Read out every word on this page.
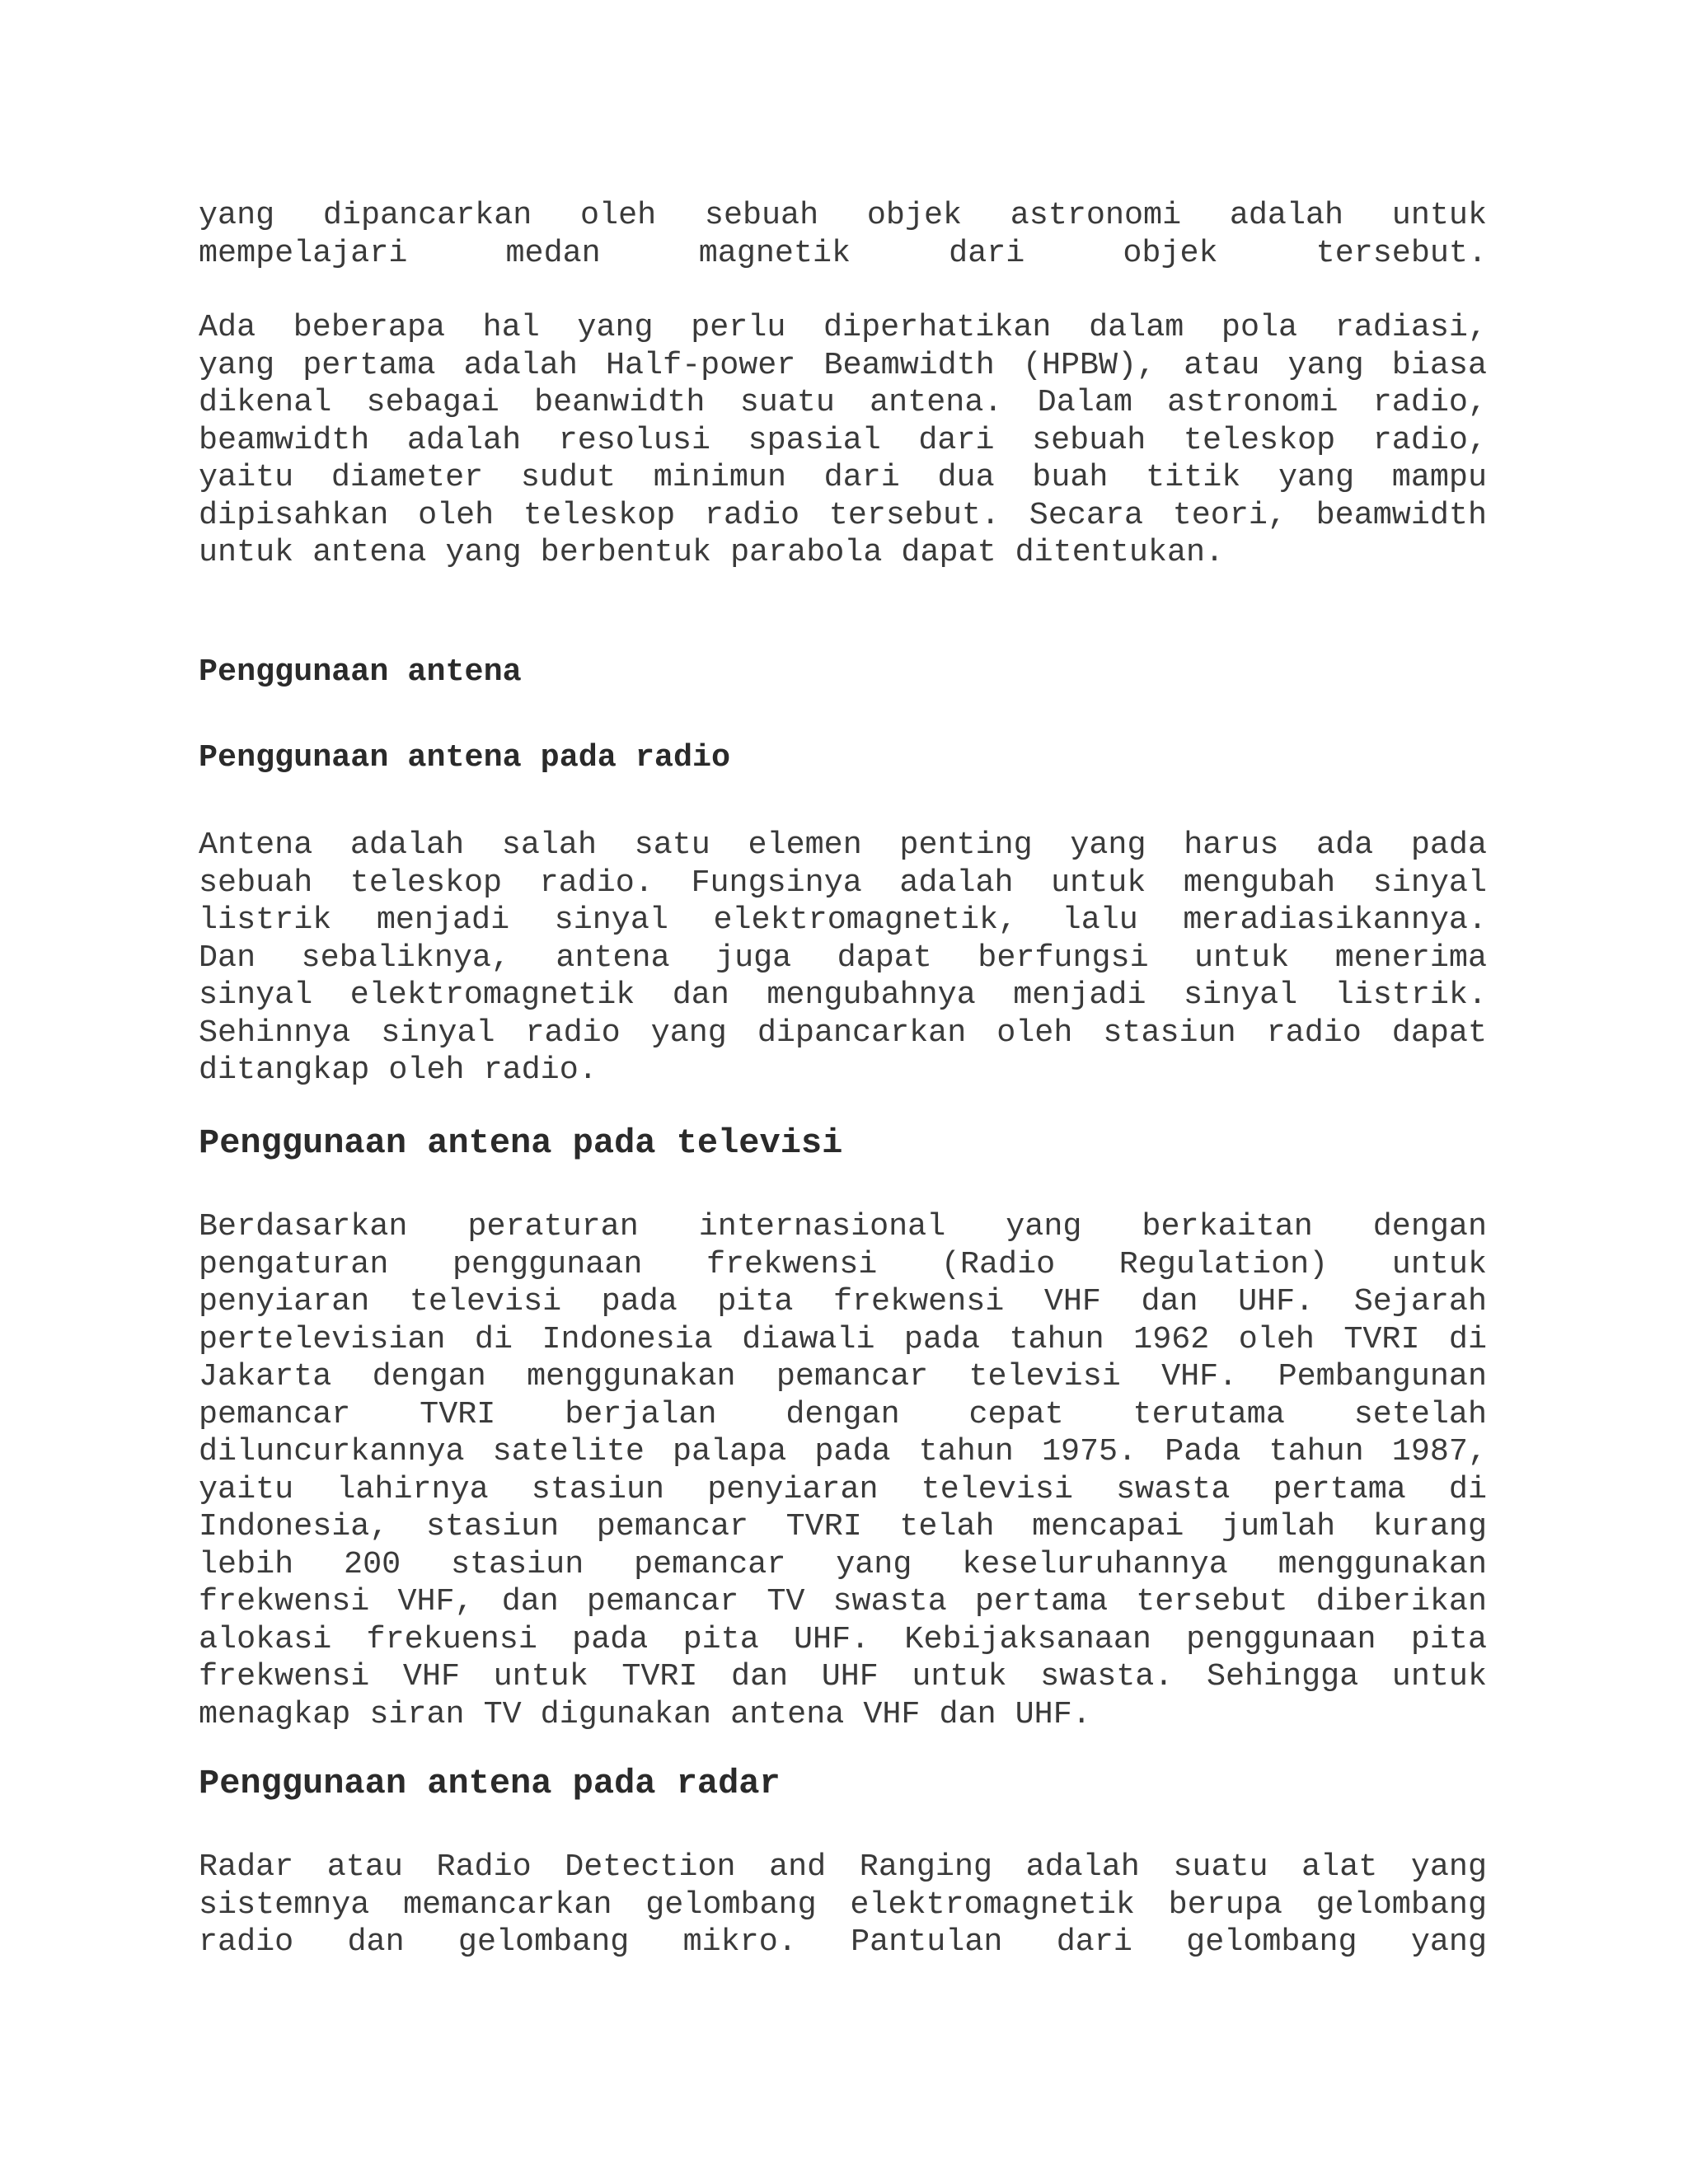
yang dipancarkan oleh sebuah objek astronomi adalah untuk
mempelajari medan magnetik dari objek tersebut.
Ada beberapa hal yang perlu diperhatikan dalam pola radiasi,
yang pertama adalah Half-power Beamwidth (HPBW), atau yang biasa
dikenal sebagai beanwidth suatu antena. Dalam astronomi radio,
beamwidth adalah resolusi spasial dari sebuah teleskop radio,
yaitu diameter sudut minimun dari dua buah titik yang mampu
dipisahkan oleh teleskop radio tersebut. Secara teori, beamwidth
untuk antena yang berbentuk parabola dapat ditentukan.
Penggunaan antena
Penggunaan antena pada radio
Antena adalah salah satu elemen penting yang harus ada pada
sebuah teleskop radio. Fungsinya adalah untuk mengubah sinyal
listrik menjadi sinyal elektromagnetik, lalu meradiasikannya.
Dan sebaliknya, antena juga dapat berfungsi untuk menerima
sinyal elektromagnetik dan mengubahnya menjadi sinyal listrik.
Sehinnya sinyal radio yang dipancarkan oleh stasiun radio dapat
ditangkap oleh radio.
Penggunaan antena pada televisi
Berdasarkan peraturan internasional yang berkaitan dengan
pengaturan penggunaan frekwensi (Radio Regulation) untuk
penyiaran televisi pada pita frekwensi VHF dan UHF. Sejarah
pertelevisian di Indonesia diawali pada tahun 1962 oleh TVRI di
Jakarta dengan menggunakan pemancar televisi VHF. Pembangunan
pemancar TVRI berjalan dengan cepat terutama setelah
diluncurkannya satelite palapa pada tahun 1975. Pada tahun 1987,
yaitu lahirnya stasiun penyiaran televisi swasta pertama di
Indonesia, stasiun pemancar TVRI telah mencapai jumlah kurang
lebih 200 stasiun pemancar yang keseluruhannya menggunakan
frekwensi VHF, dan pemancar TV swasta pertama tersebut diberikan
alokasi frekuensi pada pita UHF. Kebijaksanaan penggunaan pita
frekwensi VHF untuk TVRI dan UHF untuk swasta. Sehingga untuk
menagkap siran TV digunakan antena VHF dan UHF.
Penggunaan antena pada radar
Radar atau Radio Detection and Ranging adalah suatu alat yang
sistemnya memancarkan gelombang elektromagnetik berupa gelombang
radio dan gelombang mikro. Pantulan dari gelombang yang
